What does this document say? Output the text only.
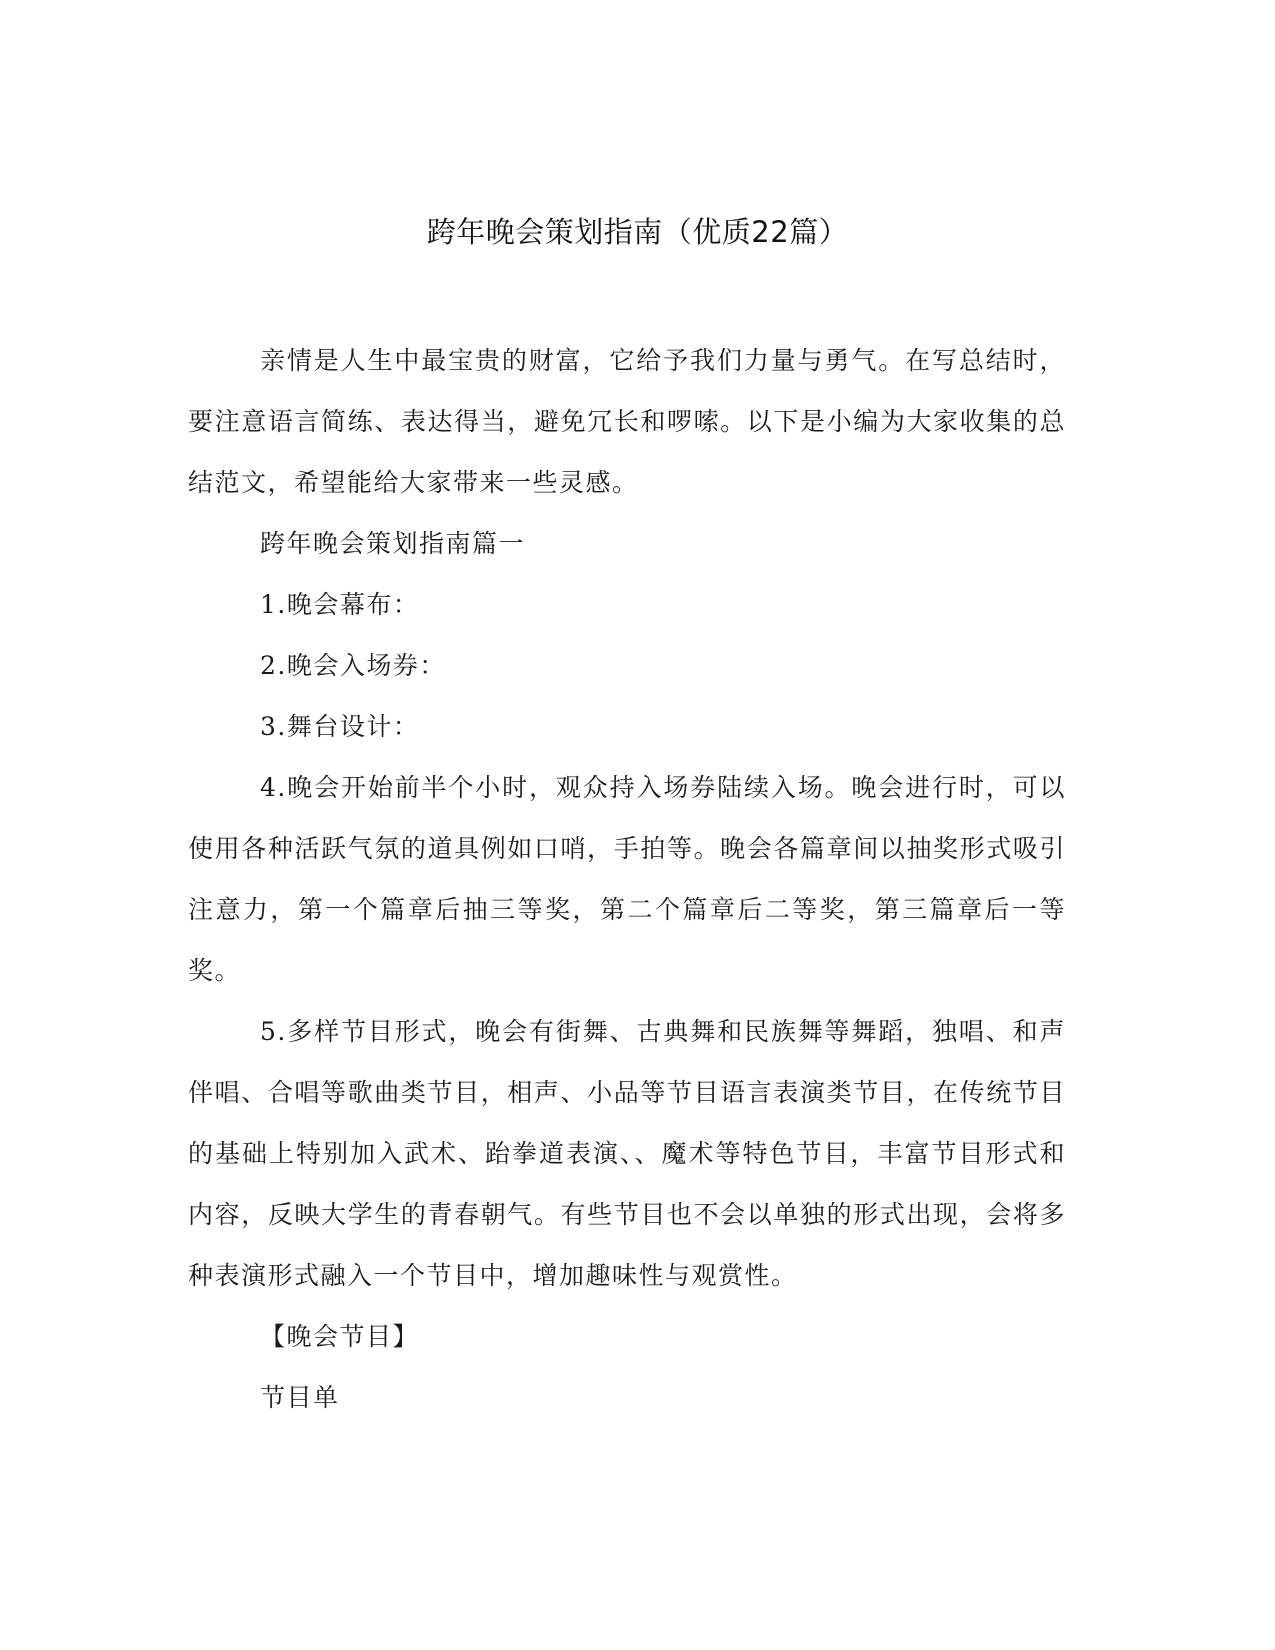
跨年晚会策划指南（优质22篇）

亲情是人生中最宝贵的财富，它给予我们力量与勇气。在写总结时，要注意语言简练、表达得当，避免冗长和啰嗦。以下是小编为大家收集的总结范文，希望能给大家带来一些灵感。

跨年晚会策划指南篇一

1.晚会幕布：

2.晚会入场券：

3.舞台设计：

4.晚会开始前半个小时，观众持入场券陆续入场。晚会进行时，可以使用各种活跃气氛的道具例如口哨，手拍等。晚会各篇章间以抽奖形式吸引注意力，第一个篇章后抽三等奖，第二个篇章后二等奖，第三篇章后一等奖。

5.多样节目形式，晚会有街舞、古典舞和民族舞等舞蹈，独唱、和声伴唱、合唱等歌曲类节目，相声、小品等节目语言表演类节目，在传统节目的基础上特别加入武术、跆拳道表演、、魔术等特色节目，丰富节目形式和内容，反映大学生的青春朝气。有些节目也不会以单独的形式出现，会将多种表演形式融入一个节目中，增加趣味性与观赏性。

【晚会节目】

节目单
